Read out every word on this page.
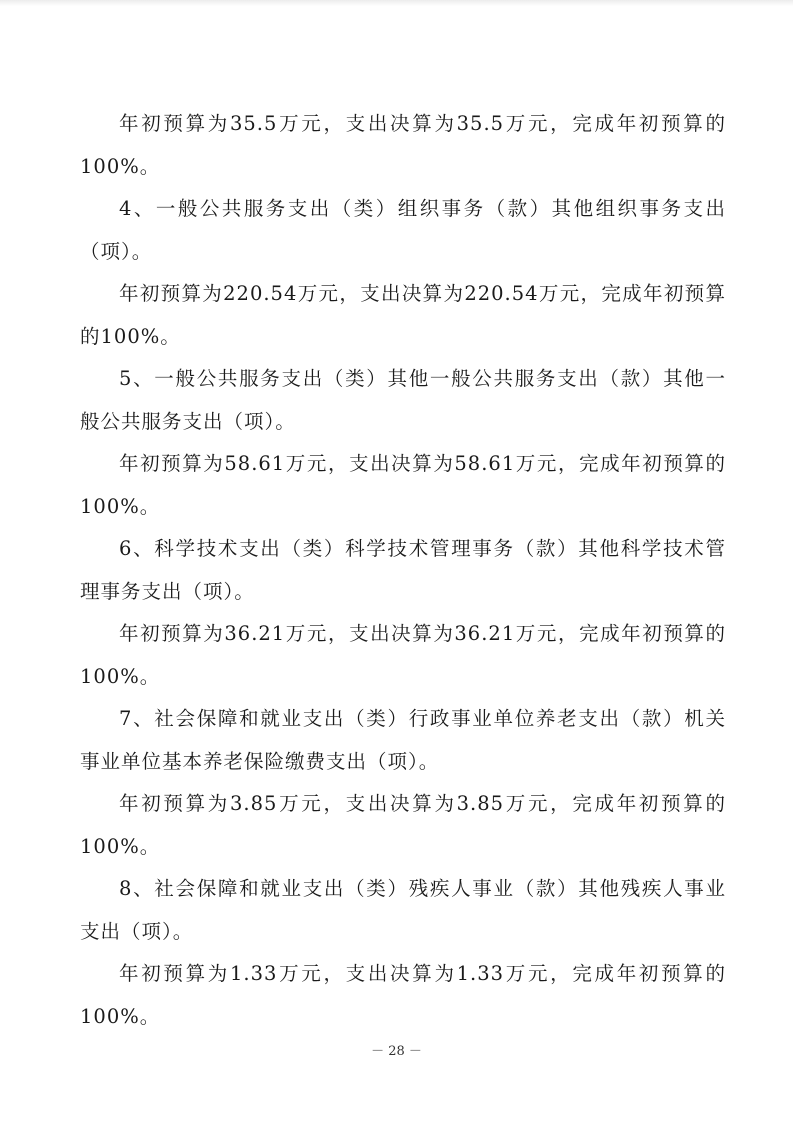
年初预算为35.5万元，支出决算为35.5万元，完成年初预算的100%。

4、一般公共服务支出（类）组织事务（款）其他组织事务支出（项）。

年初预算为220.54万元，支出决算为220.54万元，完成年初预算的100%。

5、一般公共服务支出（类）其他一般公共服务支出（款）其他一般公共服务支出（项）。

年初预算为58.61万元，支出决算为58.61万元，完成年初预算的100%。

6、科学技术支出（类）科学技术管理事务（款）其他科学技术管理事务支出（项）。

年初预算为36.21万元，支出决算为36.21万元，完成年初预算的100%。

7、社会保障和就业支出（类）行政事业单位养老支出（款）机关事业单位基本养老保险缴费支出（项）。

年初预算为3.85万元，支出决算为3.85万元，完成年初预算的100%。

8、社会保障和就业支出（类）残疾人事业（款）其他残疾人事业支出（项）。

年初预算为1.33万元，支出决算为1.33万元，完成年初预算的100%。

－ 28 －
